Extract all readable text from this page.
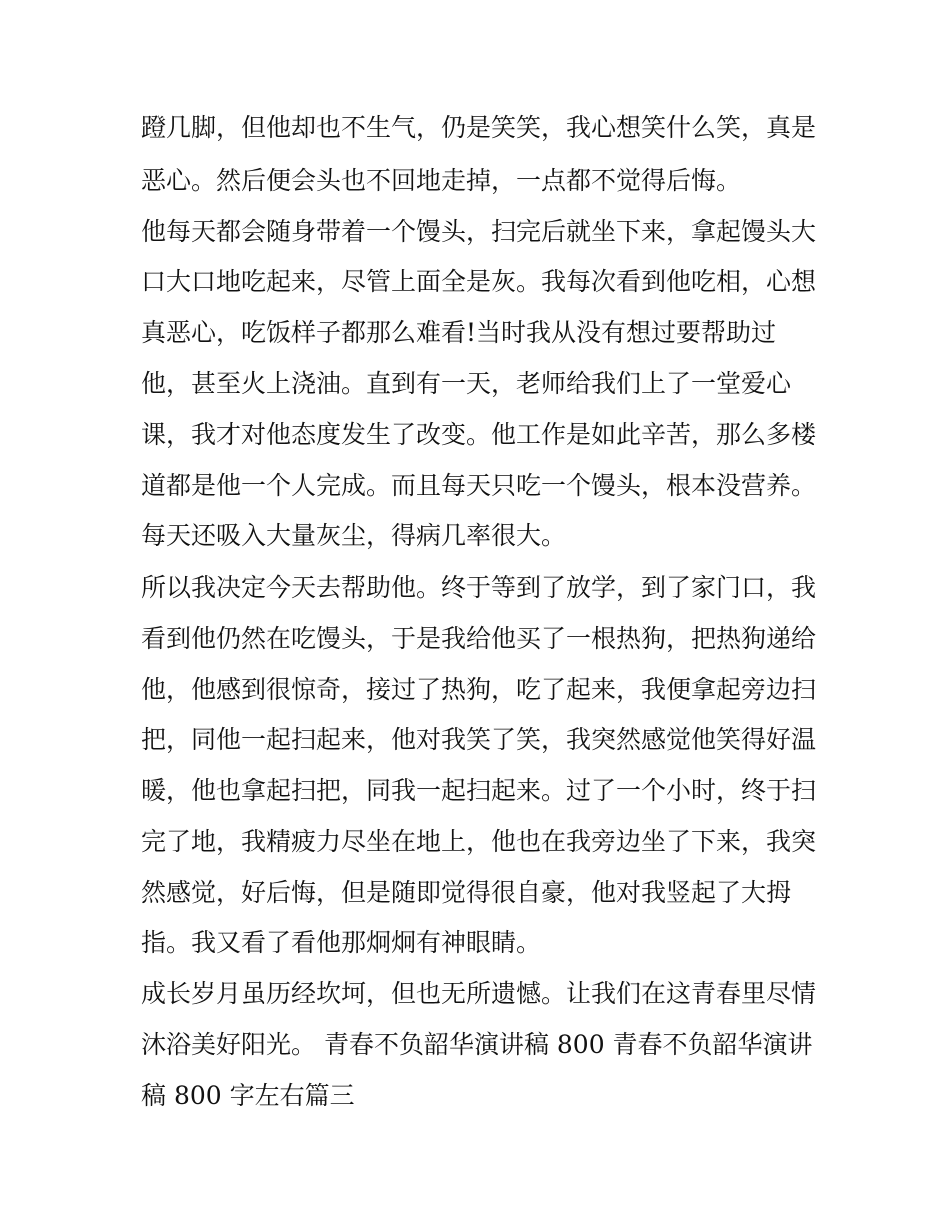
蹬几脚，但他却也不生气，仍是笑笑，我心想笑什么笑，真是
恶心。然后便会头也不回地走掉，一点都不觉得后悔。
他每天都会随身带着一个馒头，扫完后就坐下来，拿起馒头大
口大口地吃起来，尽管上面全是灰。我每次看到他吃相，心想
真恶心，吃饭样子都那么难看!当时我从没有想过要帮助过
他，甚至火上浇油。直到有一天，老师给我们上了一堂爱心
课，我才对他态度发生了改变。他工作是如此辛苦，那么多楼
道都是他一个人完成。而且每天只吃一个馒头，根本没营养。
每天还吸入大量灰尘，得病几率很大。
所以我决定今天去帮助他。终于等到了放学，到了家门口，我
看到他仍然在吃馒头，于是我给他买了一根热狗，把热狗递给
他，他感到很惊奇，接过了热狗，吃了起来，我便拿起旁边扫
把，同他一起扫起来，他对我笑了笑，我突然感觉他笑得好温
暖，他也拿起扫把，同我一起扫起来。过了一个小时，终于扫
完了地，我精疲力尽坐在地上，他也在我旁边坐了下来，我突
然感觉，好后悔，但是随即觉得很自豪，他对我竖起了大拇
指。我又看了看他那炯炯有神眼睛。
成长岁月虽历经坎坷，但也无所遗憾。让我们在这青春里尽情
沐浴美好阳光。 青春不负韶华演讲稿 800 青春不负韶华演讲
稿 800 字左右篇三
